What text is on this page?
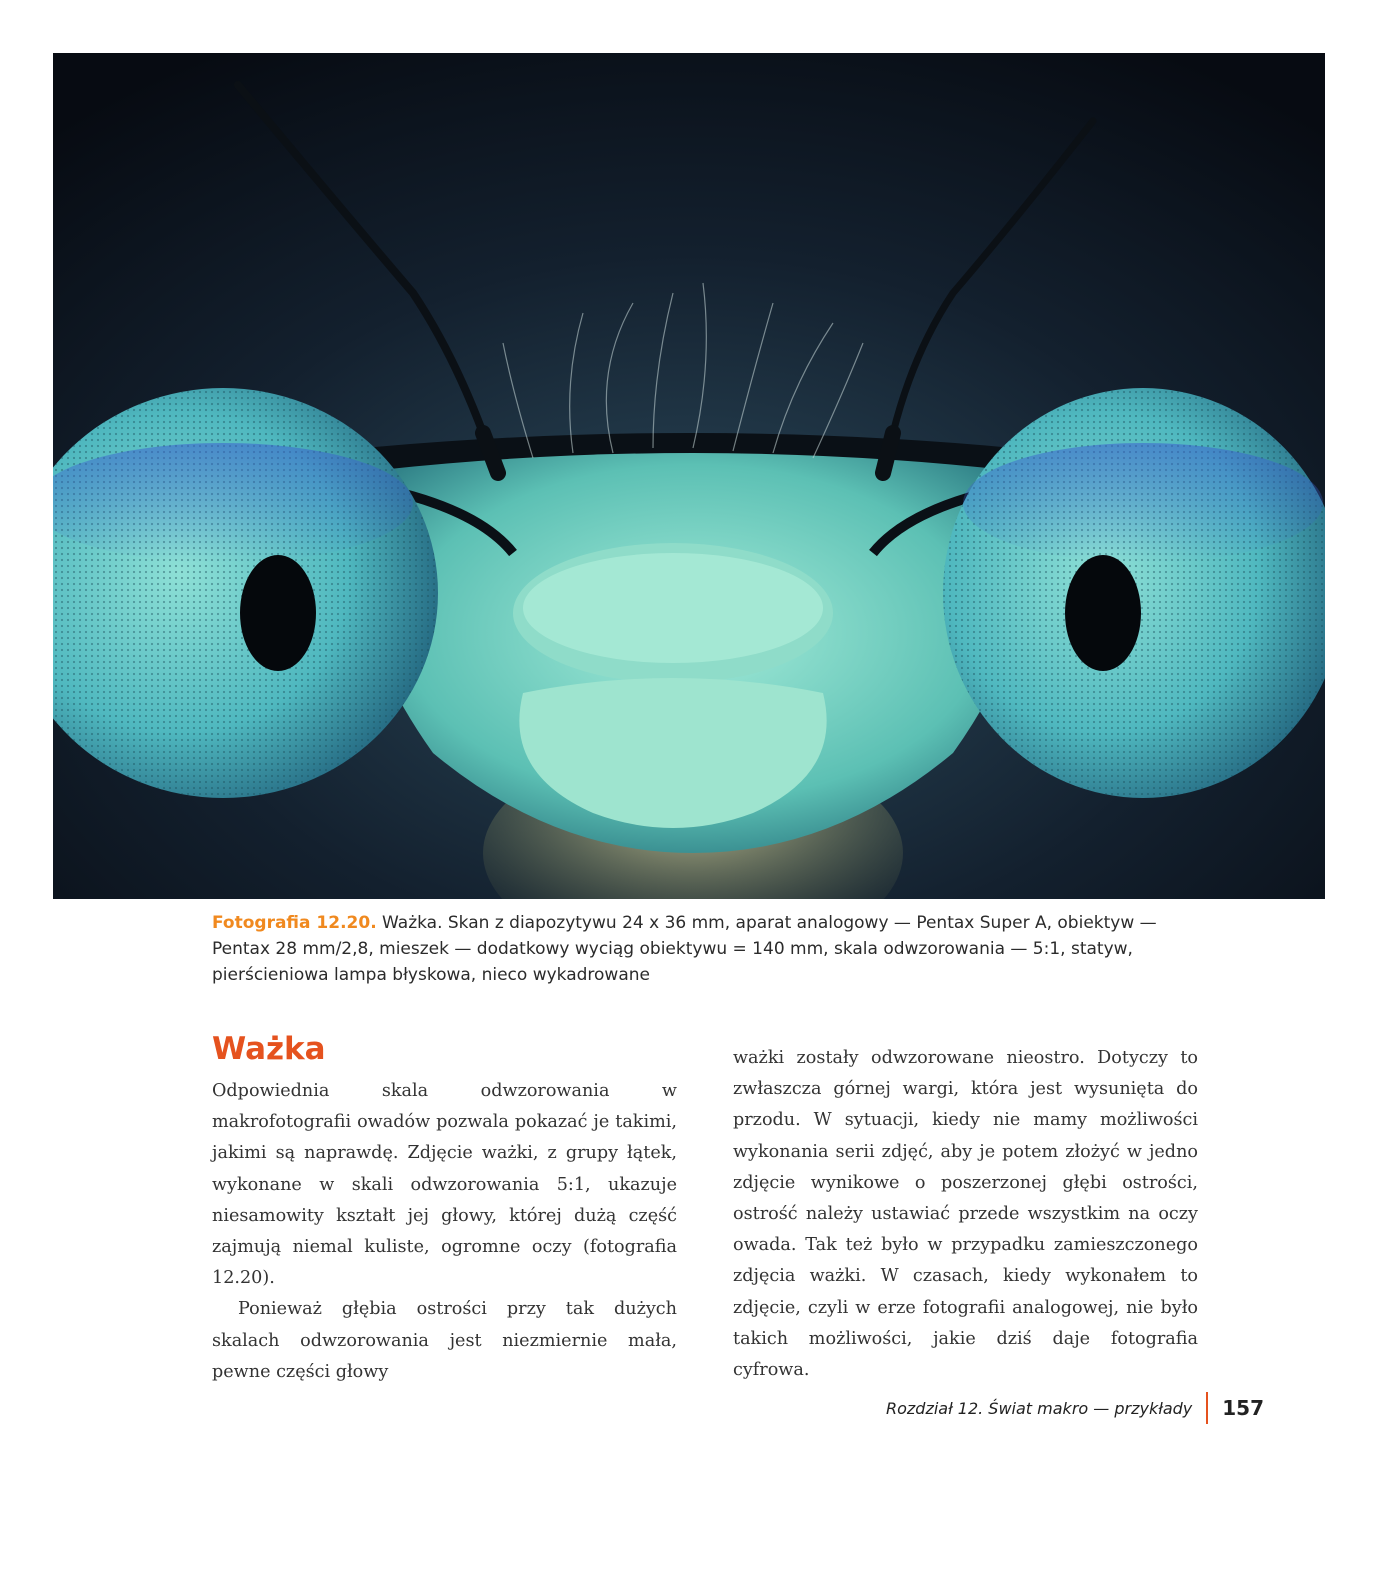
Fotografia 12.20. Ważka. Skan z diapozytywu 24 x 36 mm, aparat analogowy — Pentax Super A, obiektyw — Pentax 28 mm/2,8, mieszek — dodatkowy wyciąg obiektywu = 140 mm, skala odwzorowania — 5:1, statyw, pierścieniowa lampa błyskowa, nieco wykadrowane
Ważka

Odpowiednia skala odwzorowania w makrofotografii owadów pozwala pokazać je takimi, jakimi są naprawdę. Zdjęcie ważki, z grupy łątek, wykonane w skali odwzorowania 5:1, ukazuje niesamowity kształt jej głowy, której dużą część zajmują niemal kuliste, ogromne oczy (fotografia 12.20).

Ponieważ głębia ostrości przy tak dużych skalach odwzorowania jest niezmiernie mała, pewne części głowy

ważki zostały odwzorowane nieostro. Dotyczy to zwłaszcza górnej wargi, która jest wysunięta do przodu. W sytuacji, kiedy nie mamy możliwości wykonania serii zdjęć, aby je potem złożyć w jedno zdjęcie wynikowe o poszerzonej głębi ostrości, ostrość należy ustawiać przede wszystkim na oczy owada. Tak też było w przypadku zamieszczonego zdjęcia ważki. W czasach, kiedy wykonałem to zdjęcie, czyli w erze fotografii analogowej, nie było takich możliwości, jakie dziś daje fotografia cyfrowa.

Rozdział 12. Świat makro — przykłady	157
